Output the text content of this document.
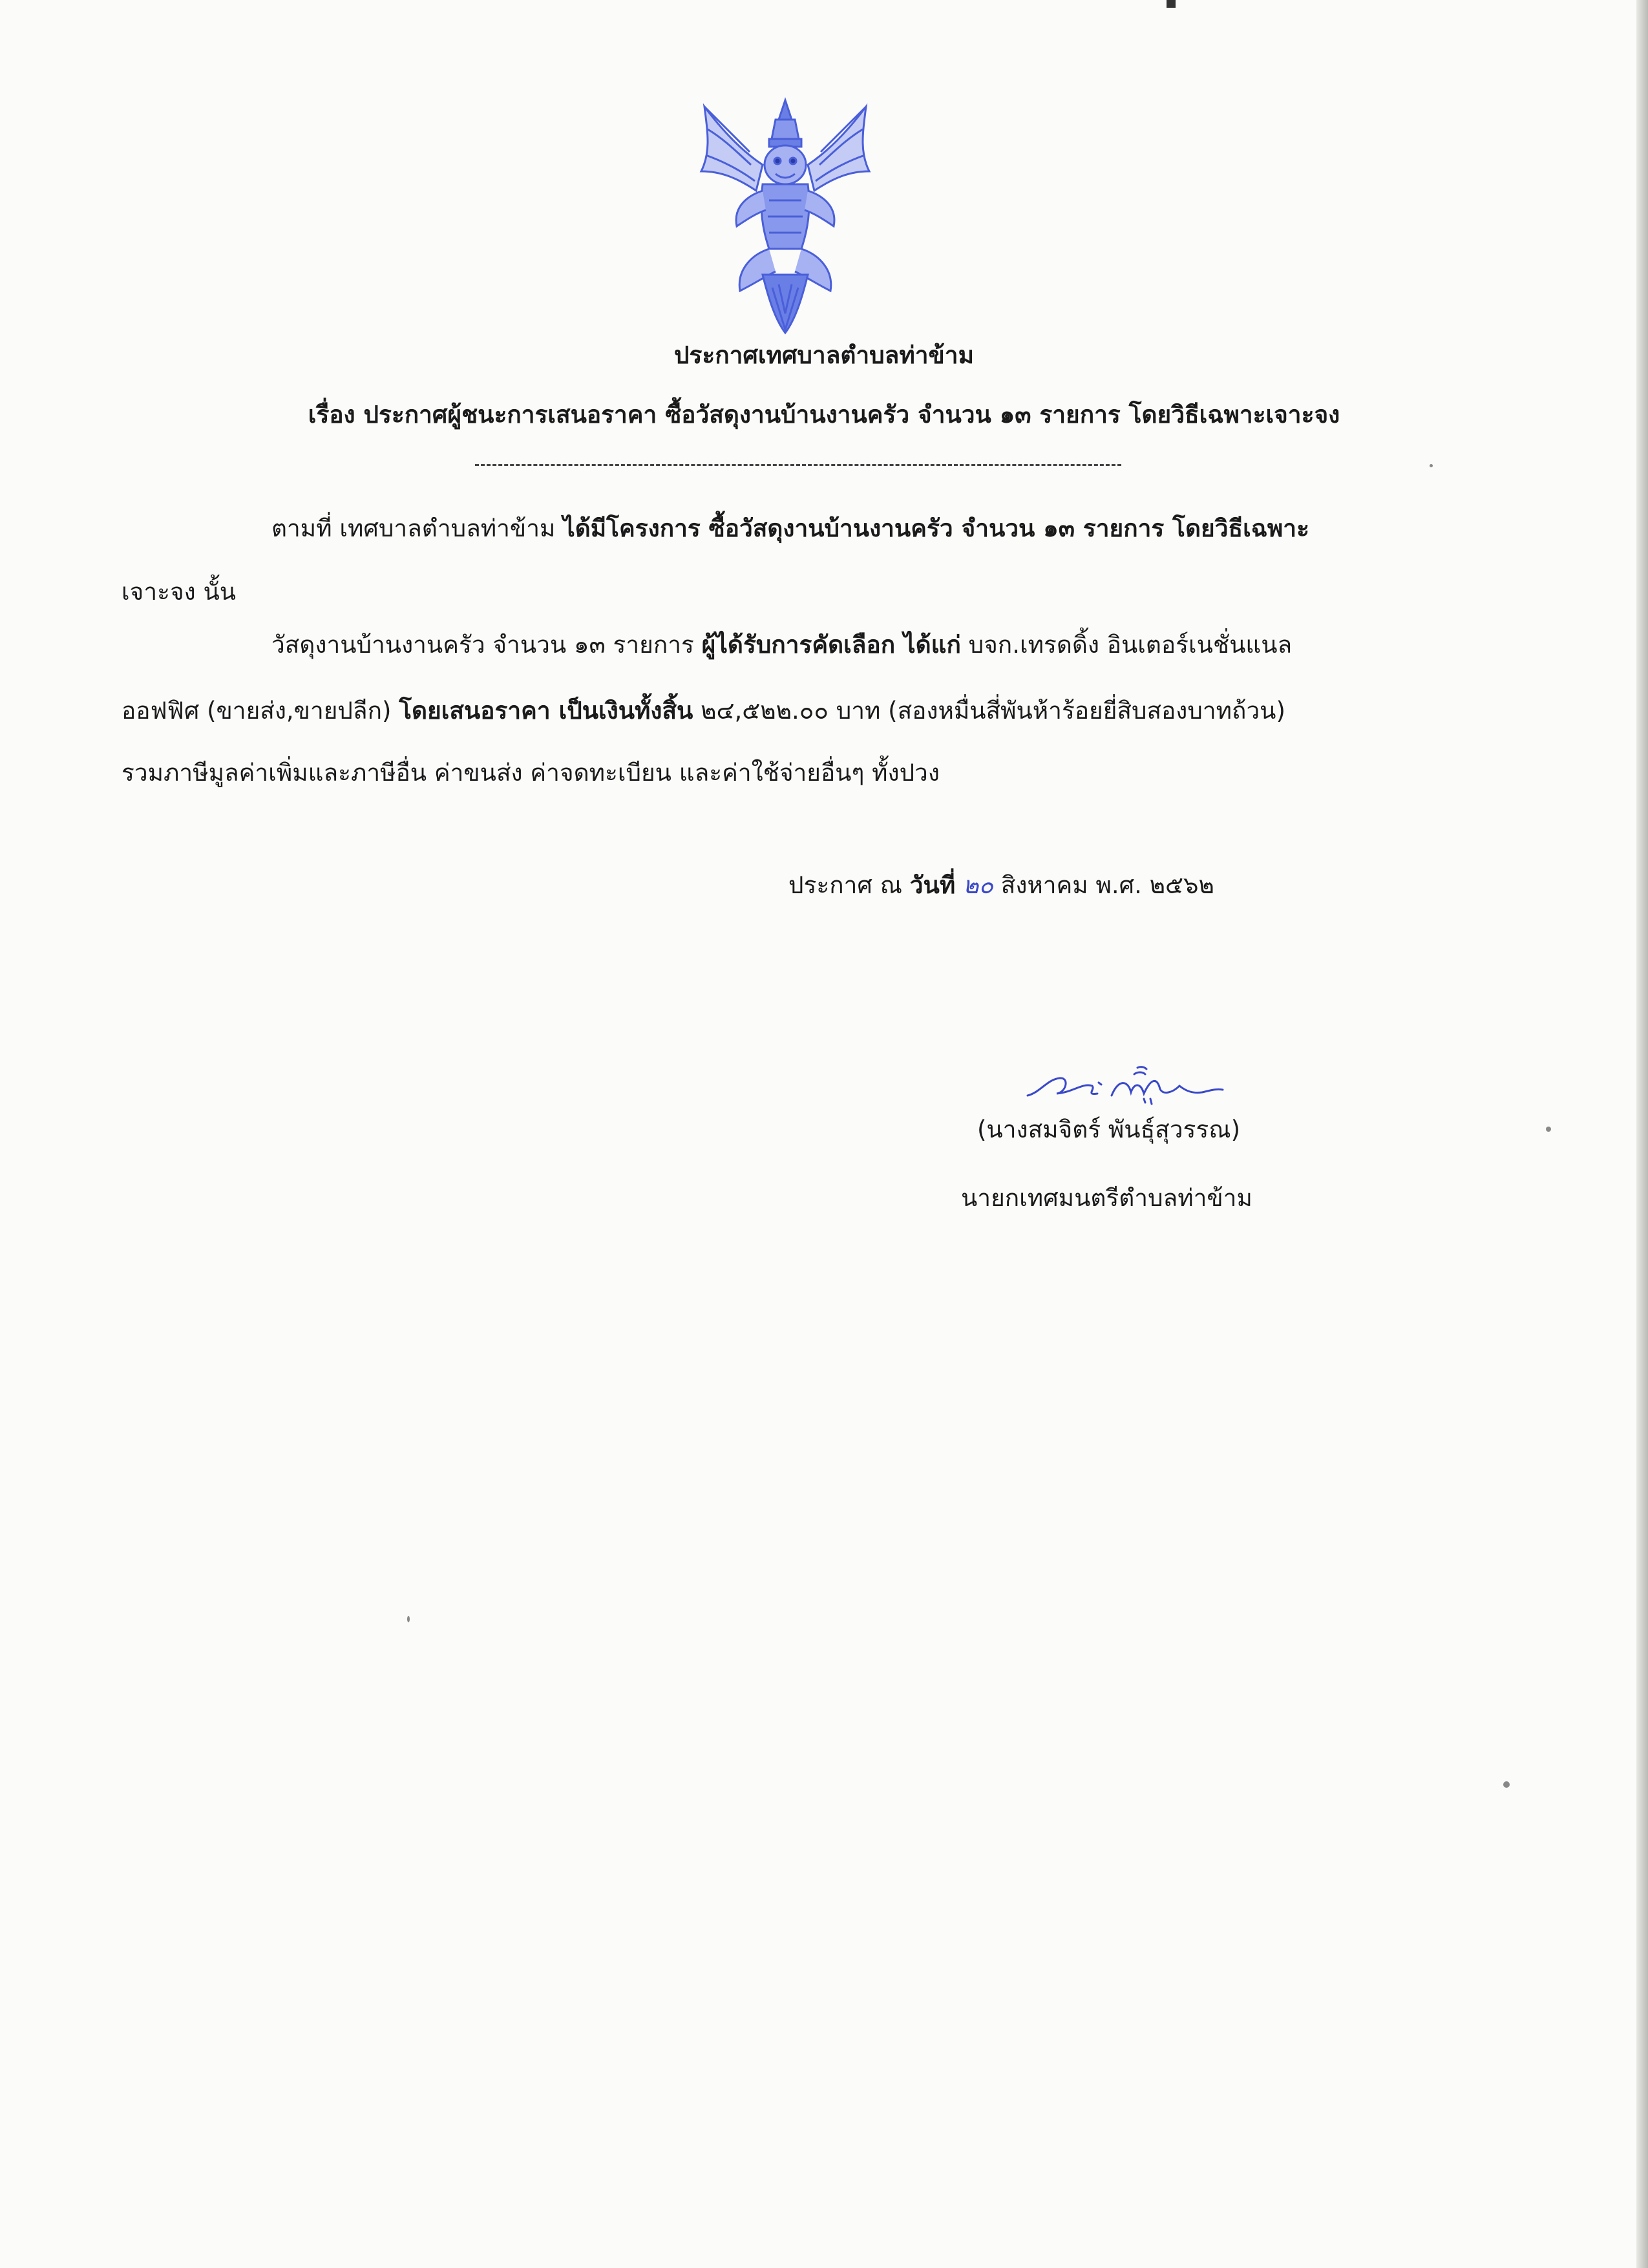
ประกาศเทศบาลตำบลท่าข้าม
เรื่อง ประกาศผู้ชนะการเสนอราคา ซื้อวัสดุงานบ้านงานครัว จำนวน ๑๓ รายการ โดยวิธีเฉพาะเจาะจง
ตามที่ เทศบาลตำบลท่าข้าม ได้มีโครงการ ซื้อวัสดุงานบ้านงานครัว จำนวน ๑๓ รายการ โดยวิธีเฉพาะ
เจาะจง นั้น
วัสดุงานบ้านงานครัว จำนวน ๑๓ รายการ ผู้ได้รับการคัดเลือก ได้แก่ บจก.เทรดดิ้ง อินเตอร์เนชั่นแนล
ออฟฟิศ (ขายส่ง,ขายปลีก) โดยเสนอราคา เป็นเงินทั้งสิ้น ๒๔,๕๒๒.๐๐ บาท (สองหมื่นสี่พันห้าร้อยยี่สิบสองบาทถ้วน)
รวมภาษีมูลค่าเพิ่มและภาษีอื่น ค่าขนส่ง ค่าจดทะเบียน และค่าใช้จ่ายอื่นๆ ทั้งปวง
ประกาศ ณ วันที่ ๒๐ สิงหาคม พ.ศ. ๒๕๖๒
(นางสมจิตร์ พันธุ์สุวรรณ)
นายกเทศมนตรีตำบลท่าข้าม
